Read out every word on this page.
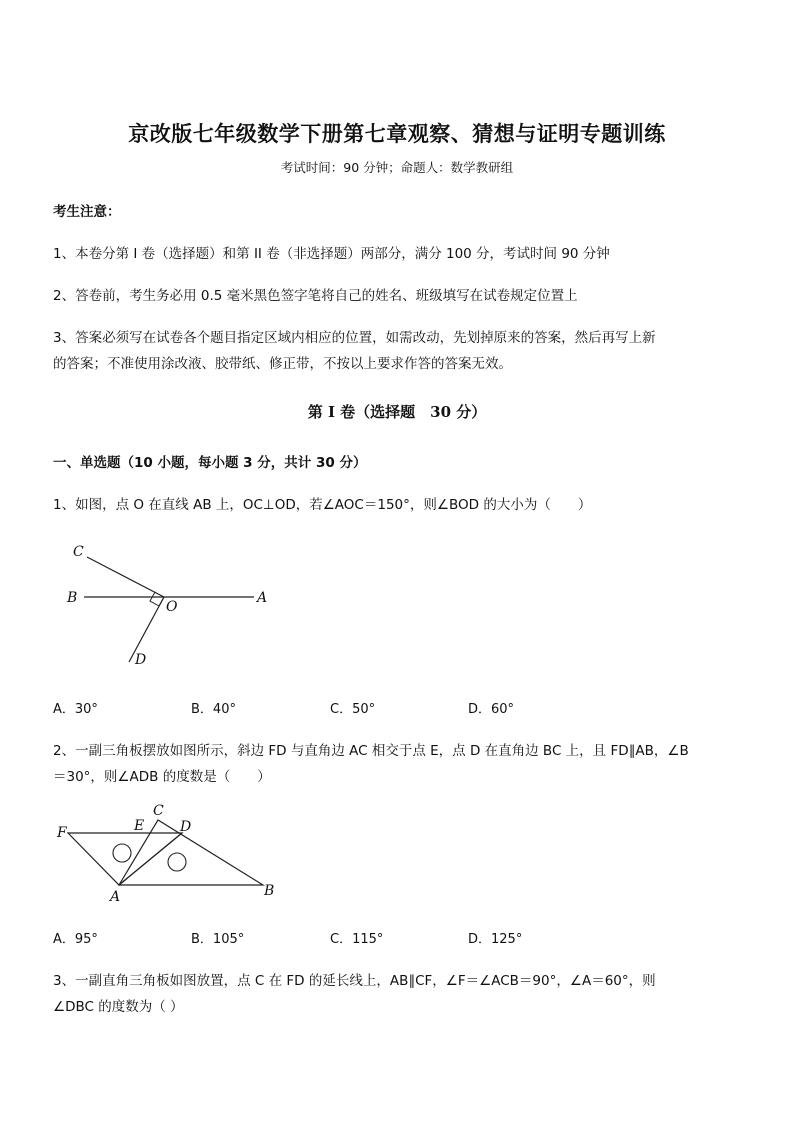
京改版七年级数学下册第七章观察、猜想与证明专题训练
考试时间：90 分钟；命题人：数学教研组
考生注意：
1、本卷分第 I 卷（选择题）和第 II 卷（非选择题）两部分，满分 100 分，考试时间 90 分钟
2、答卷前，考生务必用 0.5 毫米黑色签字笔将自己的姓名、班级填写在试卷规定位置上
3、答案必须写在试卷各个题目指定区域内相应的位置，如需改动，先划掉原来的答案，然后再写上新
的答案；不准使用涂改液、胶带纸、修正带，不按以上要求作答的答案无效。
第 I 卷（选择题　30 分）
一、单选题（10 小题，每小题 3 分，共计 30 分）
1、如图，点 O 在直线 AB 上，OC⊥OD，若∠AOC＝150°，则∠BOD 的大小为（　　）
C
B
O
A
D
A．30°	B．40°	C．50°	D．60°
2、一副三角板摆放如图所示，斜边 FD 与直角边 AC 相交于点 E，点 D 在直角边 BC 上，且 FD∥AB，∠B
＝30°，则∠ADB 的度数是（　　）
C
E	D
F
A	B
A．95°	B．105°	C．115°	D．125°
3、一副直角三角板如图放置，点 C 在 FD 的延长线上，AB∥CF，∠F＝∠ACB＝90°，∠A＝60°，则
∠DBC 的度数为（ ）
